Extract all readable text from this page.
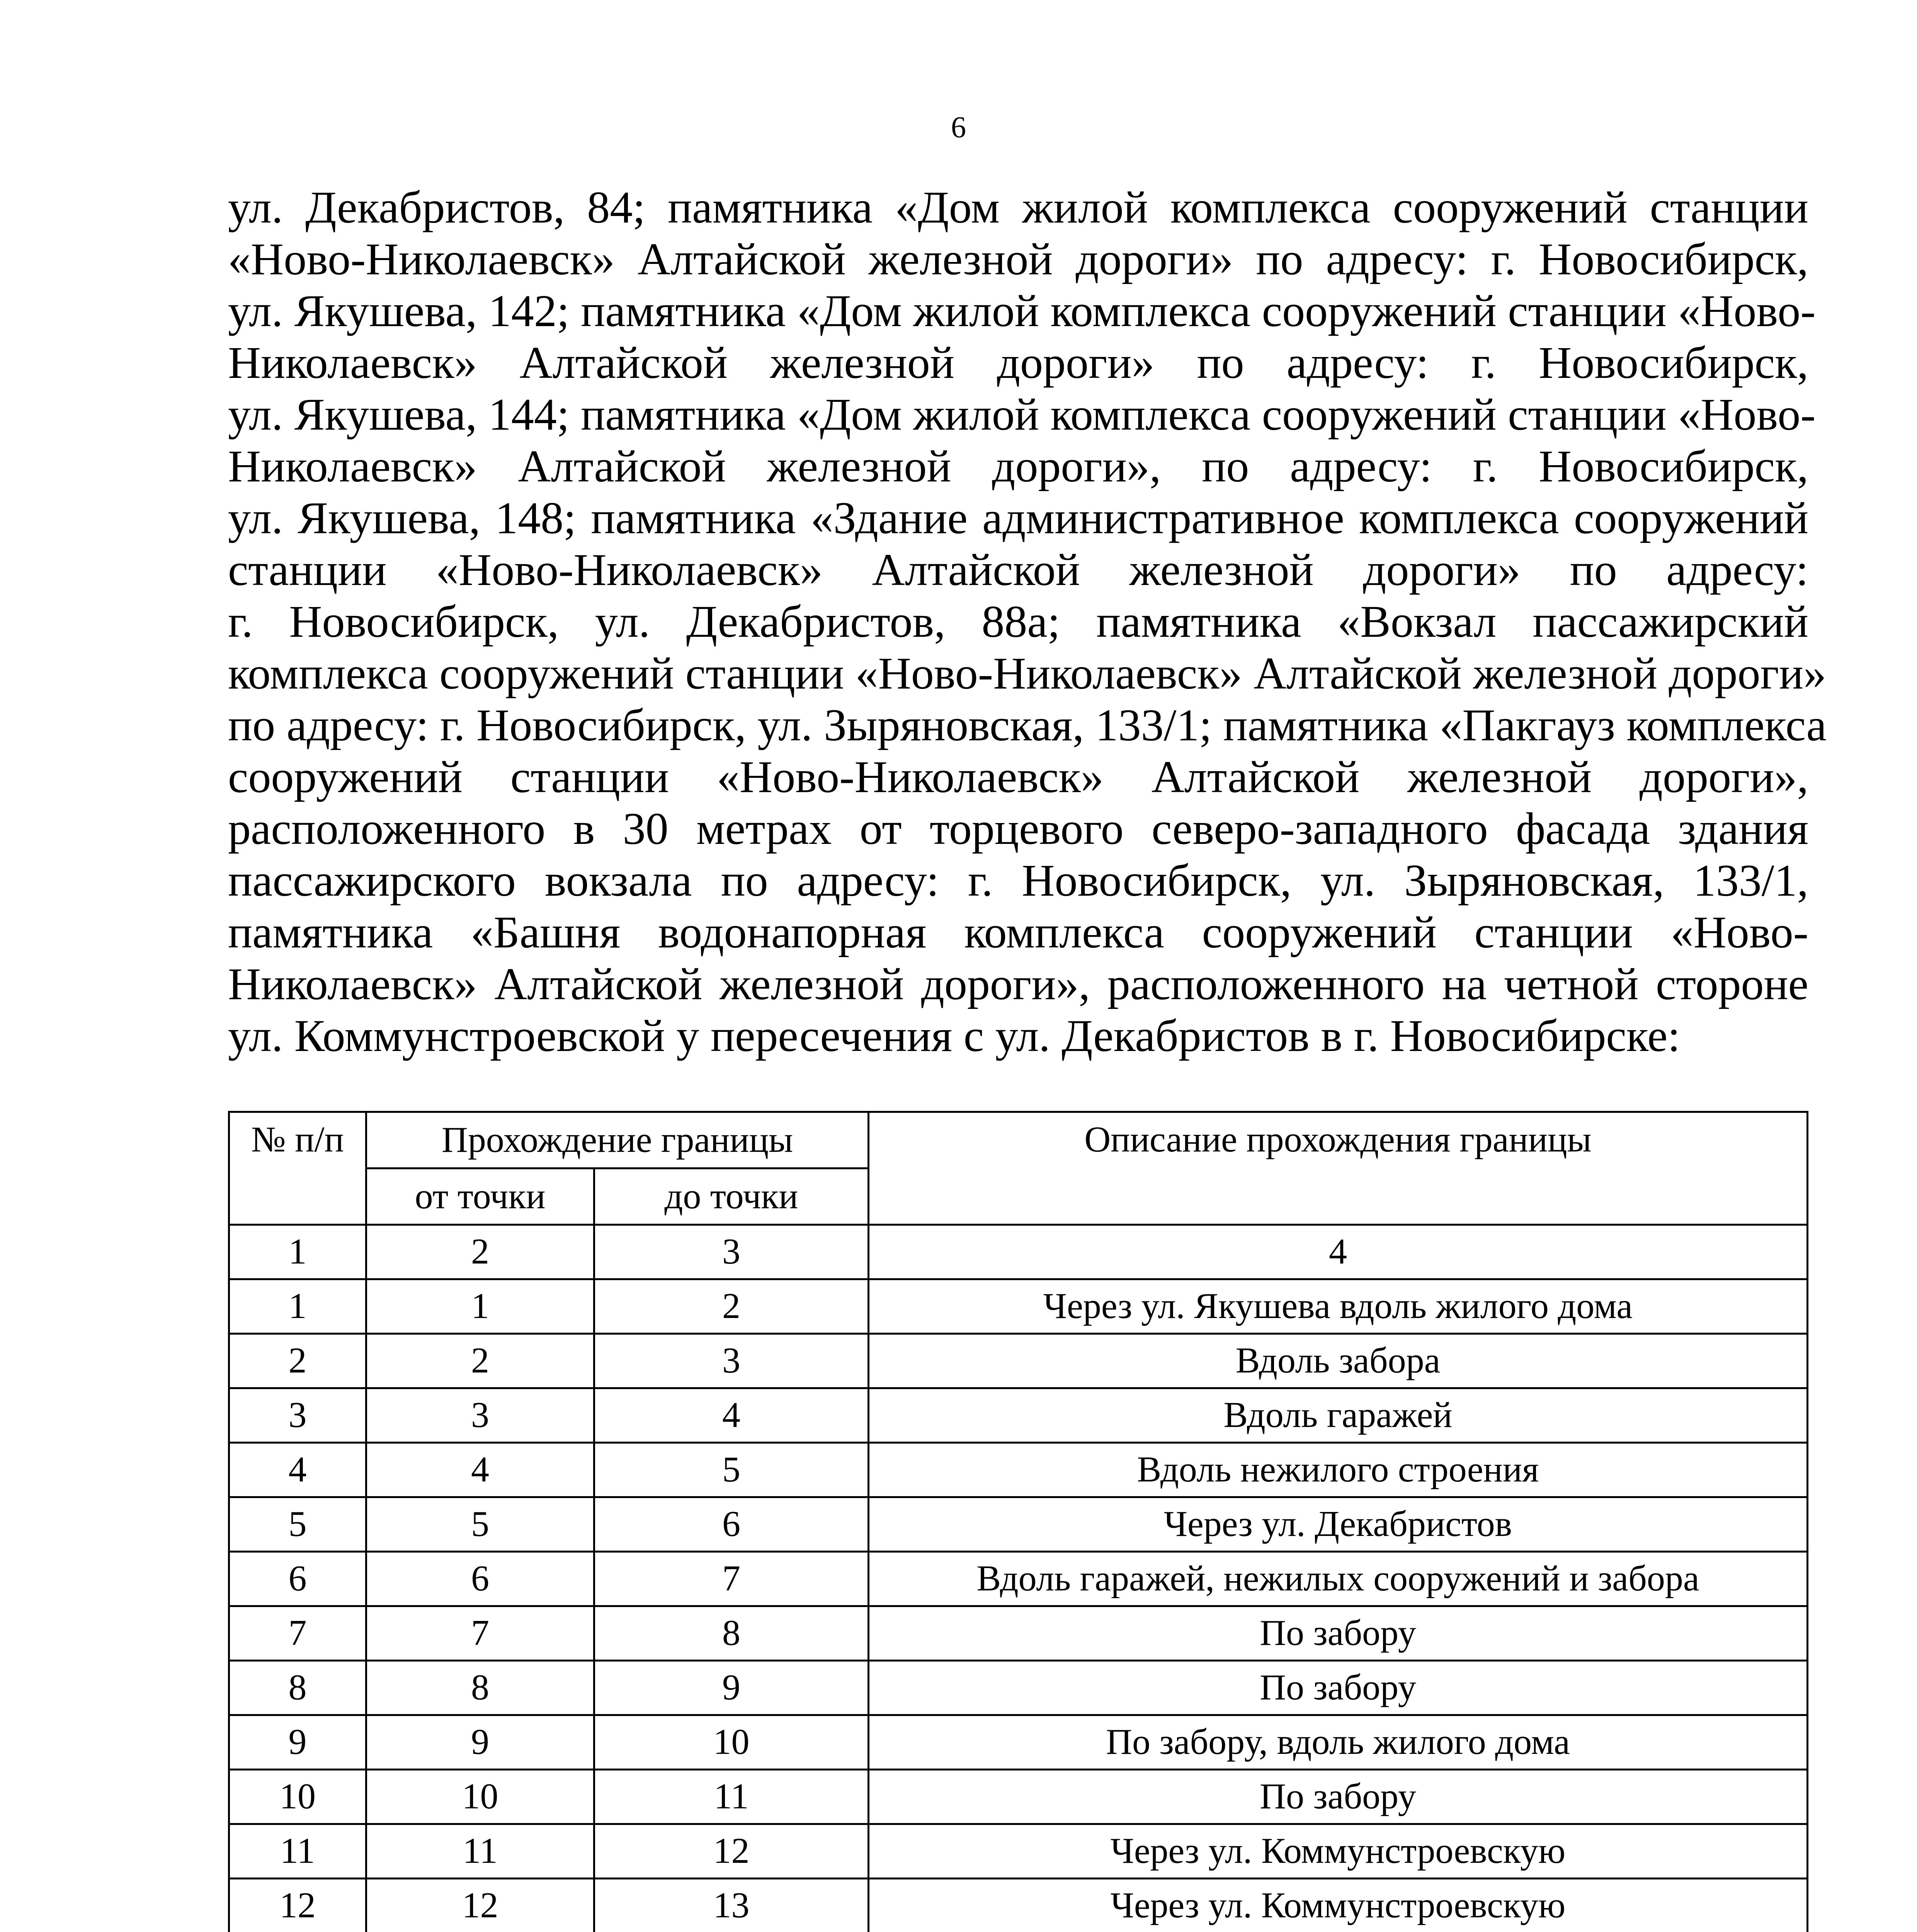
6
ул. Декабристов, 84; памятника «Дом жилой комплекса сооружений станции
«Ново-Николаевск» Алтайской железной дороги» по адресу: г. Новосибирск,
ул. Якушева, 142; памятника «Дом жилой комплекса сооружений станции «Ново-
Николаевск» Алтайской железной дороги» по адресу: г. Новосибирск,
ул. Якушева, 144; памятника «Дом жилой комплекса сооружений станции «Ново-
Николаевск» Алтайской железной дороги», по адресу: г. Новосибирск,
ул. Якушева, 148; памятника «Здание административное комплекса сооружений
станции «Ново-Николаевск» Алтайской железной дороги» по адресу:
г. Новосибирск, ул. Декабристов, 88а; памятника «Вокзал пассажирский
комплекса сооружений станции «Ново-Николаевск» Алтайской железной дороги»
по адресу: г. Новосибирск, ул. Зыряновская, 133/1; памятника «Пакгауз комплекса
сооружений станции «Ново-Николаевск» Алтайской железной дороги»,
расположенного в 30 метрах от торцевого северо-западного фасада здания
пассажирского вокзала по адресу: г. Новосибирск, ул. Зыряновская, 133/1,
памятника «Башня водонапорная комплекса сооружений станции «Ново-
Николаевск» Алтайской железной дороги», расположенного на четной стороне
ул. Коммунстроевской у пересечения с ул. Декабристов в г. Новосибирске:
№ п/п	Прохождение границы		Описание прохождения границы
	от точки	до точки	
1	2	3	4
1	1	2	Через ул. Якушева вдоль жилого дома
2	2	3	Вдоль забора
3	3	4	Вдоль гаражей
4	4	5	Вдоль нежилого строения
5	5	6	Через ул. Декабристов
6	6	7	Вдоль гаражей, нежилых сооружений и забора
7	7	8	По забору
8	8	9	По забору
9	9	10	По забору, вдоль жилого дома
10	10	11	По забору
11	11	12	Через ул. Коммунстроевскую
12	12	13	Через ул. Коммунстроевскую
